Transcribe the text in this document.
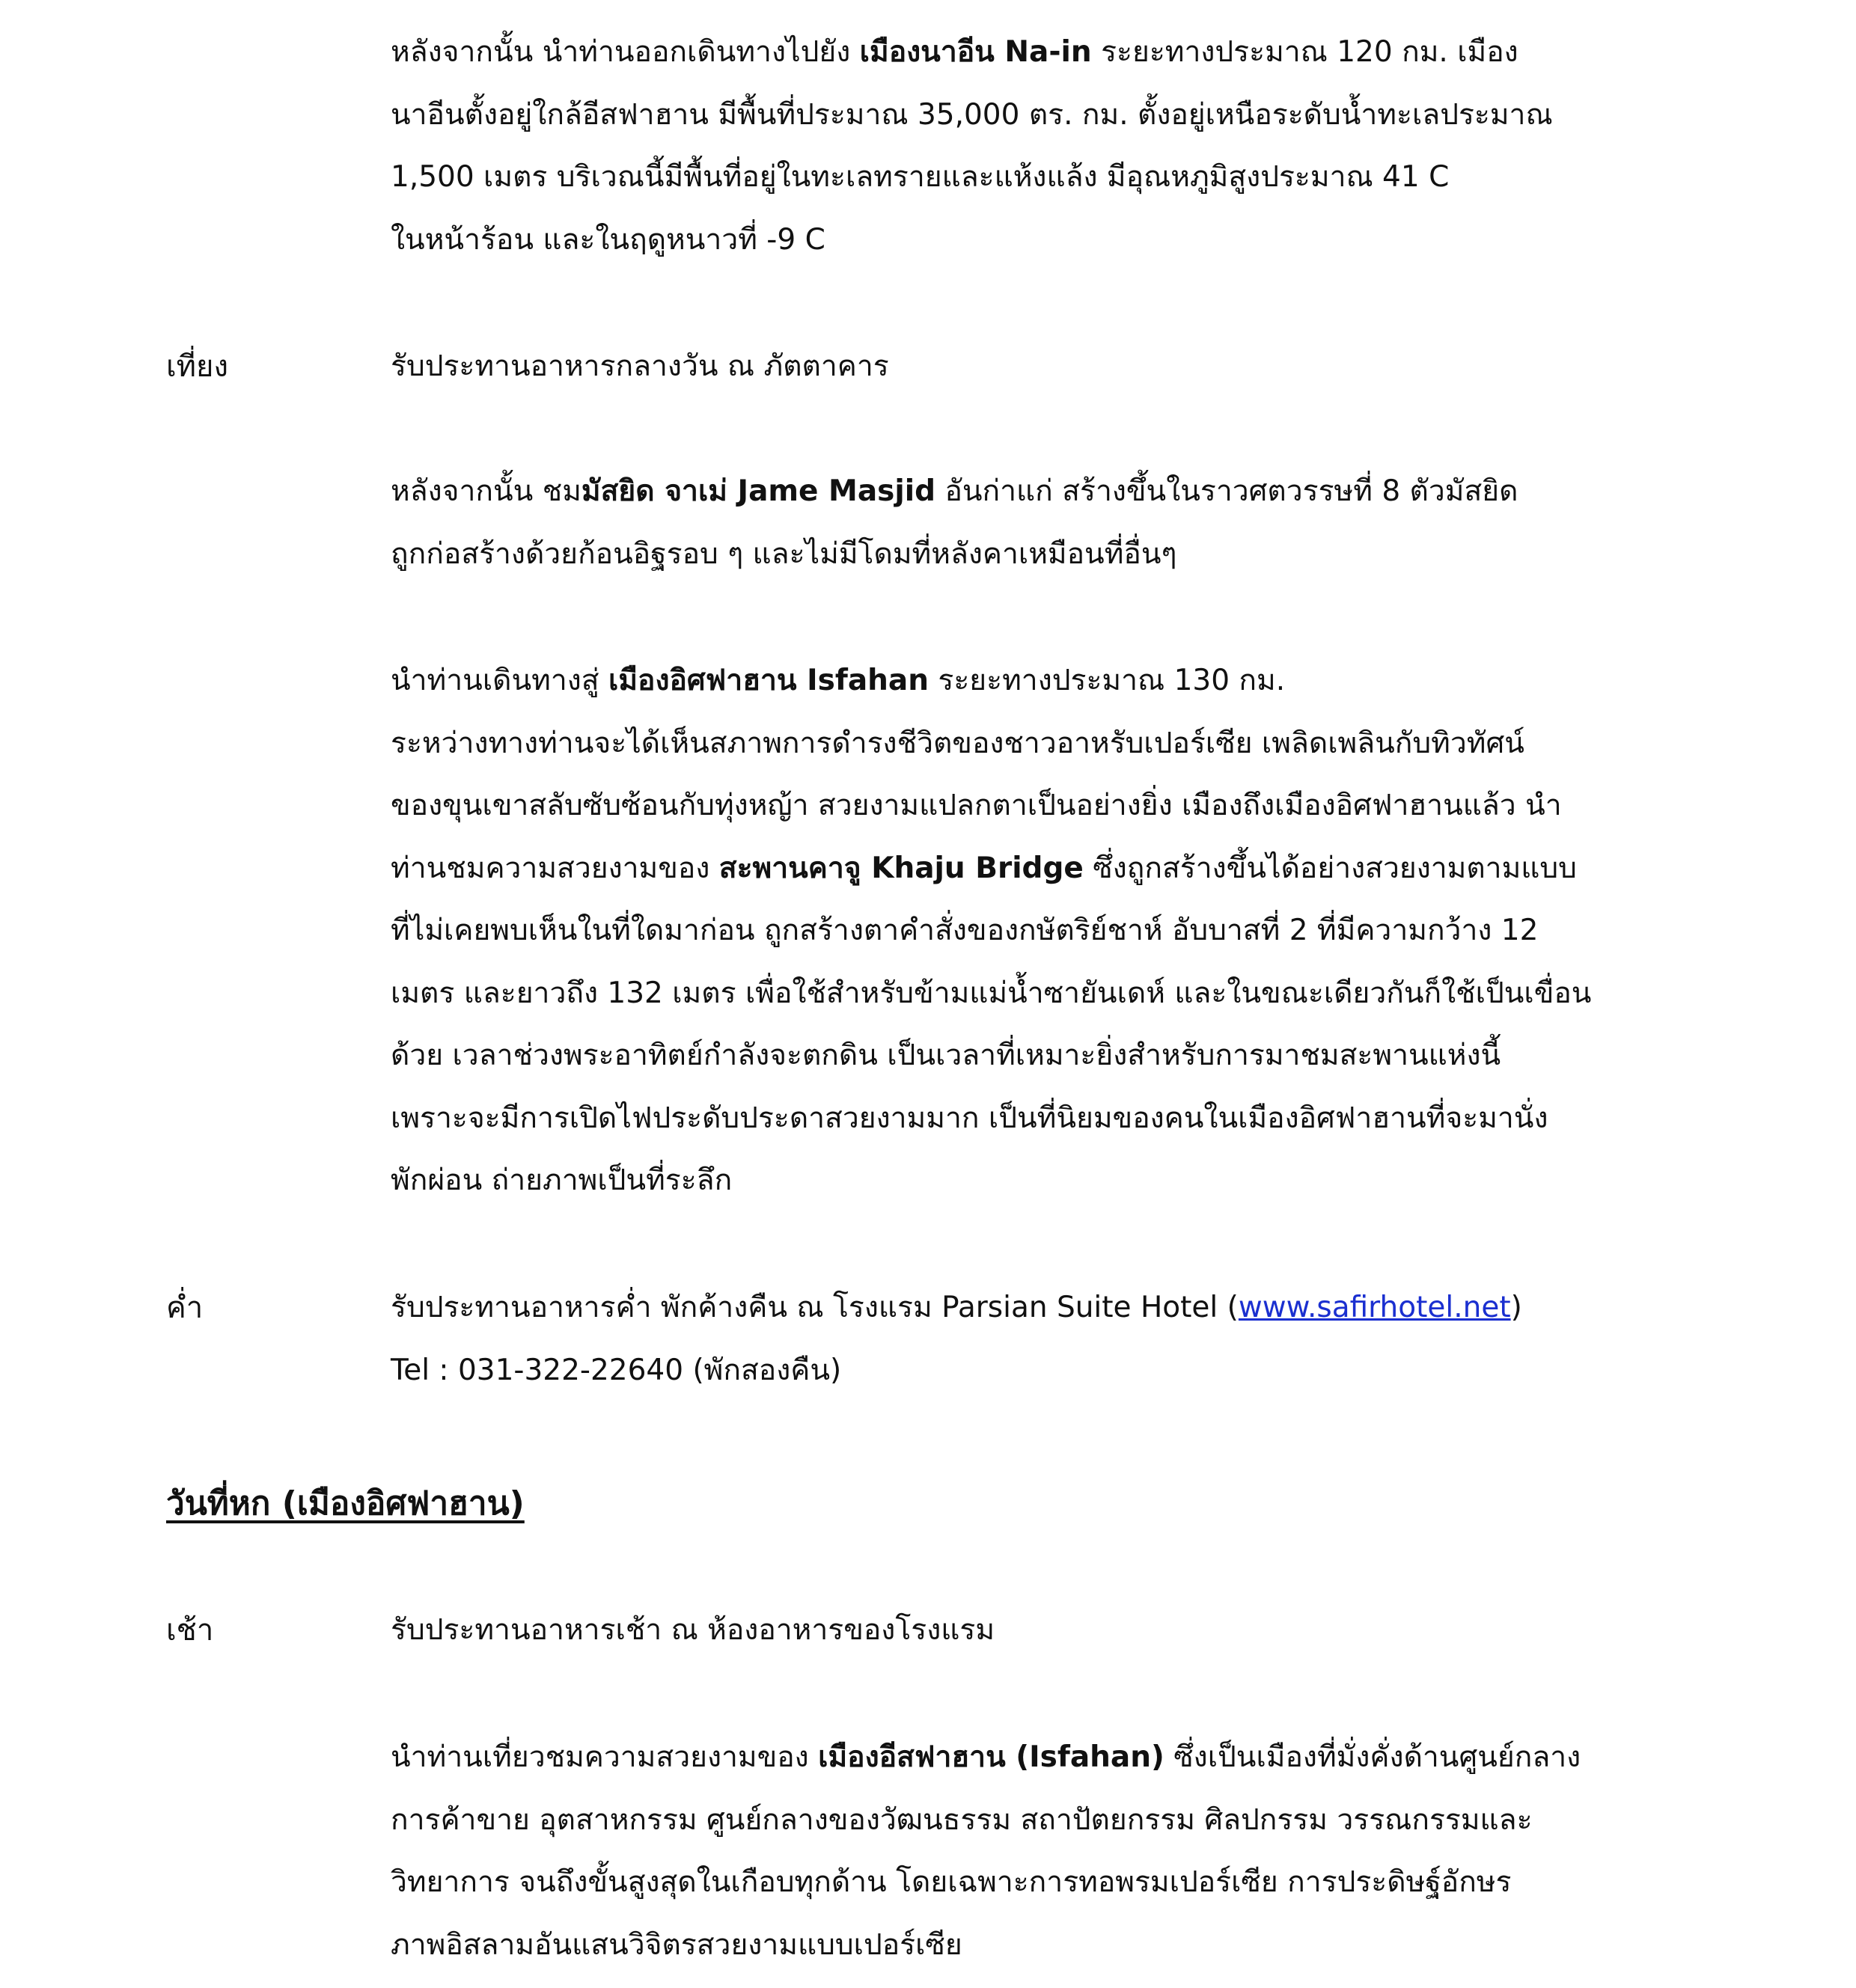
หลังจากนั้น นำท่านออกเดินทางไปยัง เมืองนาอีน Na-in ระยะทางประมาณ 120 กม. เมือง
นาอีนตั้งอยู่ใกล้อีสฟาฮาน มีพื้นที่ประมาณ 35,000 ตร. กม. ตั้งอยู่เหนือระดับน้ำทะเลประมาณ
1,500 เมตร บริเวณนี้มีพื้นที่อยู่ในทะเลทรายและแห้งแล้ง มีอุณหภูมิสูงประมาณ 41 C
ในหน้าร้อน และในฤดูหนาวที่ -9 C
เที่ยง	รับประทานอาหารกลางวัน ณ ภัตตาคาร
หลังจากนั้น ชมมัสยิด จาเม่ Jame Masjid อันก่าแก่ สร้างขึ้นในราวศตวรรษที่ 8 ตัวมัสยิด
ถูกก่อสร้างด้วยก้อนอิฐรอบ ๆ และไม่มีโดมที่หลังคาเหมือนที่อื่นๆ
นำท่านเดินทางสู่ เมืองอิศฟาฮาน Isfahan ระยะทางประมาณ 130 กม.
ระหว่างทางท่านจะได้เห็นสภาพการดำรงชีวิตของชาวอาหรับเปอร์เซีย เพลิดเพลินกับทิวทัศน์
ของขุนเขาสลับซับซ้อนกับทุ่งหญ้า สวยงามแปลกตาเป็นอย่างยิ่ง เมืองถึงเมืองอิศฟาฮานแล้ว นำ
ท่านชมความสวยงามของ สะพานคาจู Khaju Bridge ซึ่งถูกสร้างขึ้นได้อย่างสวยงามตามแบบ
ที่ไม่เคยพบเห็นในที่ใดมาก่อน ถูกสร้างตาคำสั่งของกษัตริย์ชาห์ อับบาสที่ 2 ที่มีความกว้าง 12
เมตร และยาวถึง 132 เมตร เพื่อใช้สำหรับข้ามแม่น้ำซายันเดห์ และในขณะเดียวกันก็ใช้เป็นเขื่อน
ด้วย เวลาช่วงพระอาทิตย์กำลังจะตกดิน เป็นเวลาที่เหมาะยิ่งสำหรับการมาชมสะพานแห่งนี้
เพราะจะมีการเปิดไฟประดับประดาสวยงามมาก เป็นที่นิยมของคนในเมืองอิศฟาฮานที่จะมานั่ง
พักผ่อน ถ่ายภาพเป็นที่ระลึก
ค่ำ	รับประทานอาหารค่ำ พักค้างคืน ณ โรงแรม Parsian Suite Hotel (www.safirhotel.net)
Tel : 031-322-22640 (พักสองคืน)
วันที่หก (เมืองอิศฟาฮาน)
เช้า	รับประทานอาหารเช้า ณ ห้องอาหารของโรงแรม
นำท่านเที่ยวชมความสวยงามของ เมืองอีสฟาฮาน (Isfahan) ซึ่งเป็นเมืองที่มั่งคั่งด้านศูนย์กลาง
การค้าขาย อุตสาหกรรม ศูนย์กลางของวัฒนธรรม สถาปัตยกรรม ศิลปกรรม วรรณกรรมและ
วิทยาการ จนถึงขั้นสูงสุดในเกือบทุกด้าน โดยเฉพาะการทอพรมเปอร์เซีย การประดิษฐ์อักษร
ภาพอิสลามอันแสนวิจิตรสวยงามแบบเปอร์เซีย
